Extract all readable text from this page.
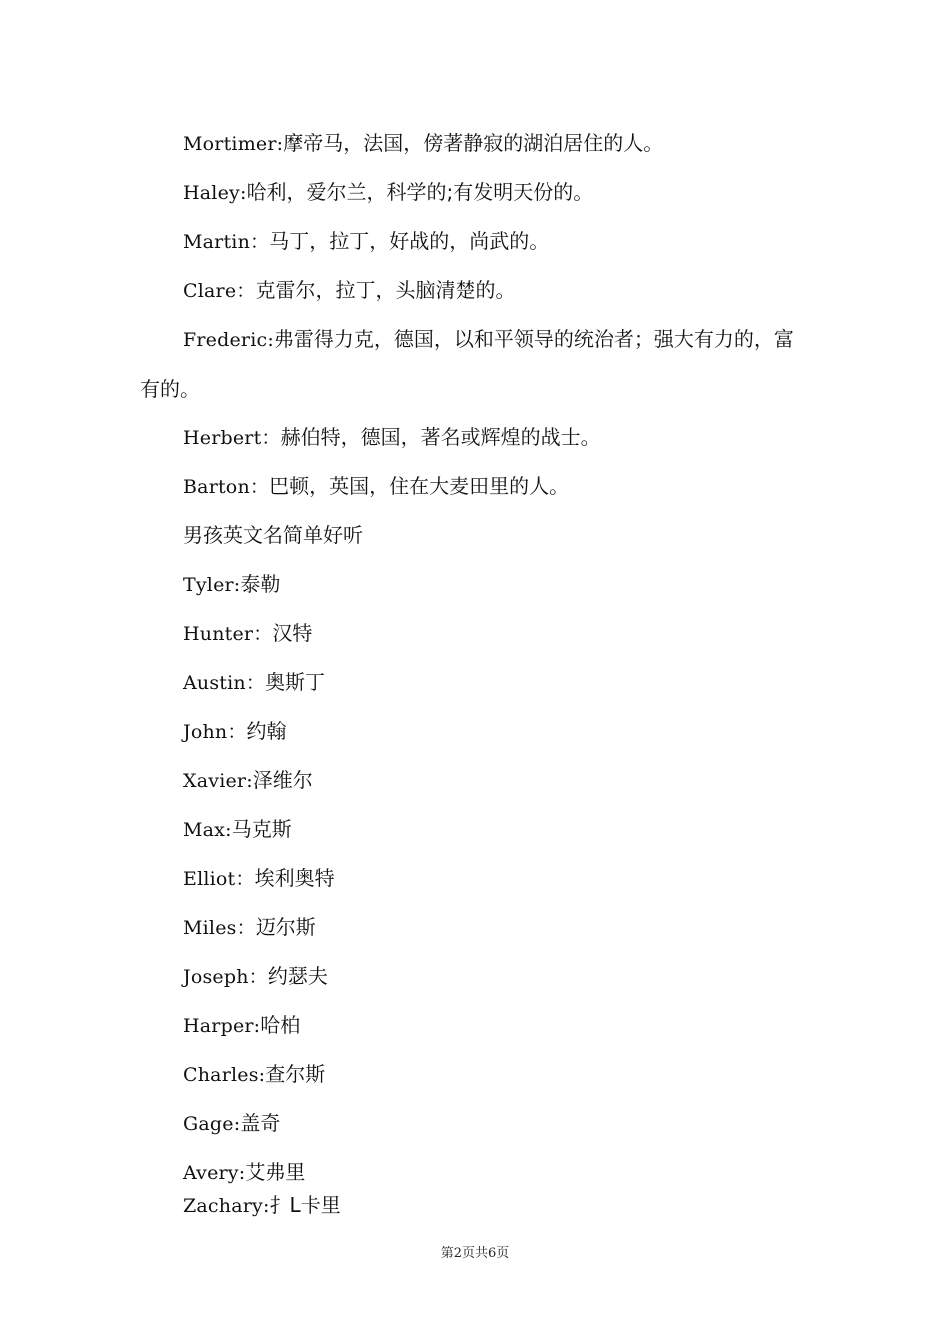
Mortimer:摩帝马，法国，傍著静寂的湖泊居住的人。

Haley:哈利，爱尔兰，科学的;有发明天份的。

Martin：马丁，拉丁，好战的，尚武的。

Clare：克雷尔，拉丁，头脑清楚的。

Frederic:弗雷得力克，德国，以和平领导的统治者；强大有力的，富有的。

Herbert：赫伯特，德国，著名或辉煌的战士。

Barton：巴顿，英国，住在大麦田里的人。

男孩英文名简单好听

Tyler:泰勒

Hunter：汉特

Austin：奥斯丁

John：约翰

Xavier:泽维尔

Max:马克斯

Elliot：埃利奥特

Miles：迈尔斯

Joseph：约瑟夫

Harper:哈柏

Charles:查尔斯

Gage:盖奇

Avery:艾弗里

Zachary:扌L卡里

第2页共6页
